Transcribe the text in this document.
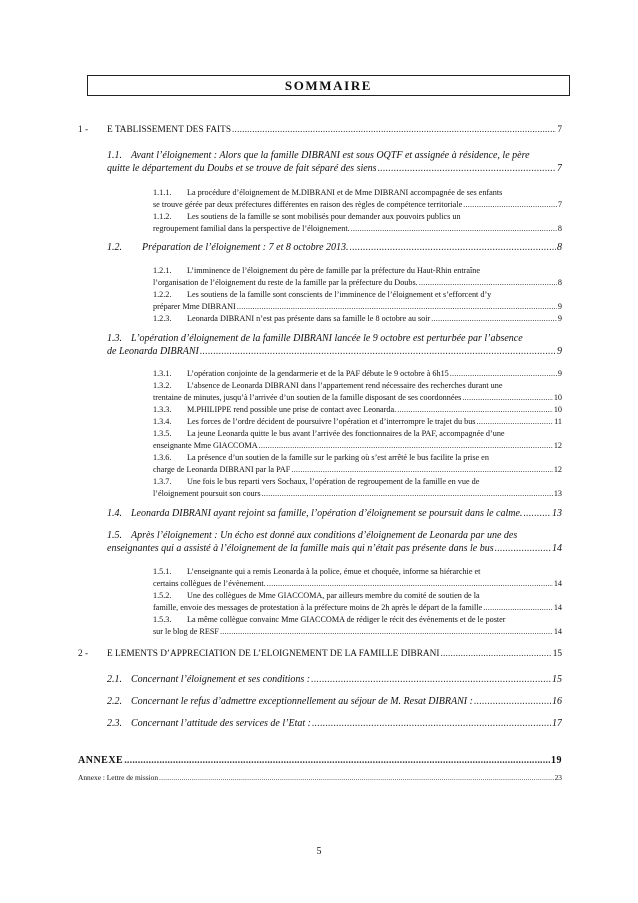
SOMMAIRE
1 - E TABLISSEMENT DES FAITS .....	7
1.1. Avant l’éloignement : Alors que la famille DIBRANI est sous OQTF et assignée à résidence, le père
quitte le département du Doubs et se trouve de fait séparé des siens .....	7
1.1.1. La procédure d’éloignement de M.DIBRANI et de Mme DIBRANI accompagnée de ses enfants
se trouve gérée par deux préfectures différentes en raison des règles de compétence territoriale .....	7
1.1.2. Les soutiens de la famille se sont mobilisés pour demander aux pouvoirs publics un
regroupement familial dans la perspective de l’éloignement. .....	8
1.2. Préparation de l’éloignement : 7 et 8 octobre 2013. .....	8
1.2.1. L’imminence de l’éloignement du père de famille par la préfecture du Haut-Rhin entraîne
l’organisation de l’éloignement du reste de la famille par la préfecture du Doubs. .....	8
1.2.2. Les soutiens de la famille sont conscients de l’imminence de l’éloignement et s’efforcent d’y
préparer Mme DIBRANI .....	9
1.2.3. Leonarda DIBRANI n’est pas présente dans sa famille le 8 octobre au soir .....	9
1.3. L’opération d’éloignement de la famille DIBRANI lancée le 9 octobre est perturbée par l’absence
de Leonarda DIBRANI .....	9
1.3.1. L’opération conjointe de la gendarmerie et de la PAF débute le 9 octobre à 6h15 .....	9
1.3.2. L’absence de Leonarda DIBRANI dans l’appartement rend nécessaire des recherches durant une
trentaine de minutes, jusqu’à l’arrivée d’un soutien de la famille disposant de ses coordonnées .....	10
1.3.3. M.PHILIPPE rend possible une prise de contact avec Leonarda. .....	10
1.3.4. Les forces de l’ordre décident de poursuivre l’opération et d’interrompre le trajet du bus .....	11
1.3.5. La jeune Leonarda quitte le bus avant l’arrivée des fonctionnaires de la PAF, accompagnée d’une
enseignante Mme GIACCOMA .....	12
1.3.6. La présence d’un soutien de la famille sur le parking où s’est arrêté le bus facilite la prise en
charge de Leonarda DIBRANI par la PAF .....	12
1.3.7. Une fois le bus reparti vers Sochaux, l’opération de regroupement de la famille en vue de
l’éloignement poursuit son cours .....	13
1.4. Leonarda DIBRANI ayant rejoint sa famille, l’opération d’éloignement se poursuit dans le calme. .....	13
1.5. Après l’éloignement : Un écho est donné aux conditions d’éloignement de Leonarda par une des
enseignantes qui a assisté à l’éloignement de la famille mais qui n’était pas présente dans le bus .....	14
1.5.1. L’enseignante qui a remis Leonarda à la police, émue et choquée, informe sa hiérarchie et
certains collègues de l’évènement. .....	14
1.5.2. Une des collègues de Mme GIACCOMA, par ailleurs membre du comité de soutien de la
famille, envoie des messages de protestation à la préfecture moins de 2h après le départ de la famille .....	14
1.5.3. La même collègue convainc Mme GIACCOMA de rédiger le récit des évènements et de le poster
sur le blog de RESF .....	14
2 - E LEMENTS D’APPRECIATION DE L’ELOIGNEMENT DE LA FAMILLE DIBRANI .....	15
2.1. Concernant l’éloignement et ses conditions : .....	15
2.2. Concernant le refus d’admettre exceptionnellement au séjour de M. Resat DIBRANI : .....	16
2.3. Concernant l’attitude des services de l’Etat : .....	17
ANNEXE .....	19
Annexe : Lettre de mission .....	23
5
